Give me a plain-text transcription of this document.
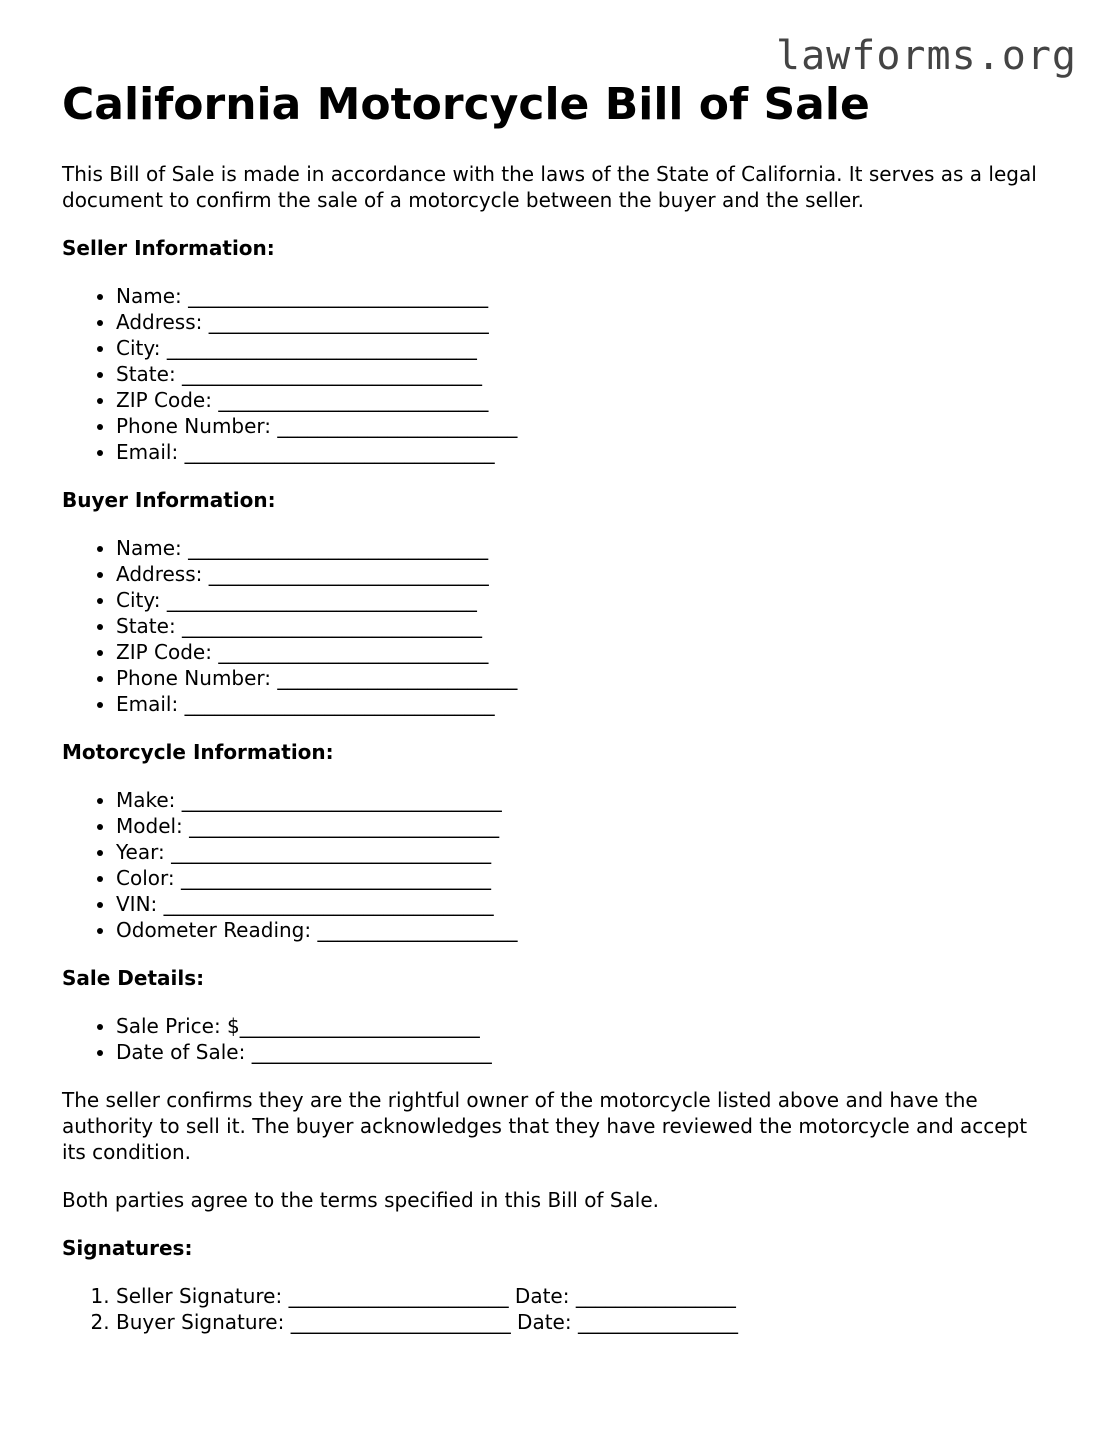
lawforms.org
California Motorcycle Bill of Sale

This Bill of Sale is made in accordance with the laws of the State of California. It serves as a legal document to confirm the sale of a motorcycle between the buyer and the seller.

Seller Information:
• Name: ______________________________
• Address: ____________________________
• City: _______________________________
• State: ______________________________
• ZIP Code: ___________________________
• Phone Number: ________________________
• Email: _______________________________
Buyer Information:
• Name: ______________________________
• Address: ____________________________
• City: _______________________________
• State: ______________________________
• ZIP Code: ___________________________
• Phone Number: ________________________
• Email: _______________________________
Motorcycle Information:
• Make: ________________________________
• Model: _______________________________
• Year: ________________________________
• Color: _______________________________
• VIN: _________________________________
• Odometer Reading: ____________________
Sale Details:
• Sale Price: $________________________
• Date of Sale: ________________________

The seller confirms they are the rightful owner of the motorcycle listed above and have the authority to sell it. The buyer acknowledges that they have reviewed the motorcycle and accept its condition.

Both parties agree to the terms specified in this Bill of Sale.

Signatures:
1. Seller Signature: ______________________ Date: ________________
2. Buyer Signature: ______________________ Date: ________________
